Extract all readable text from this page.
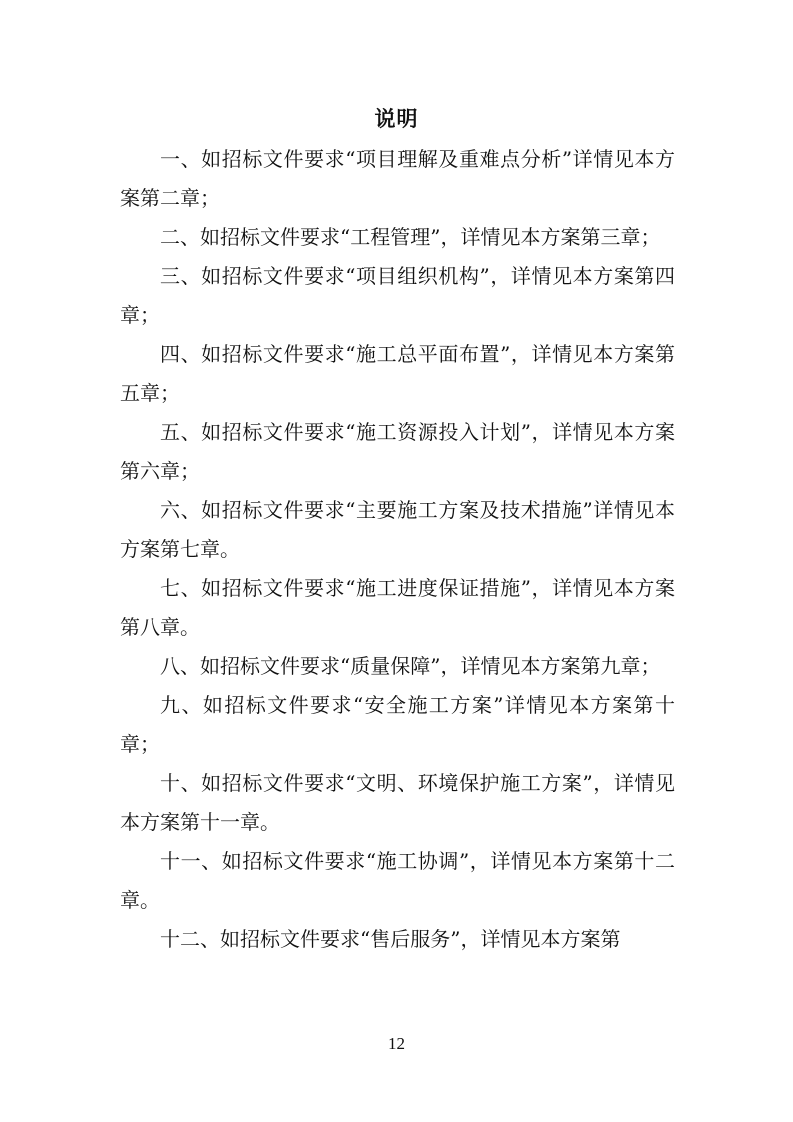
说明

一、如招标文件要求“项目理解及重难点分析”详情见本方案第二章；

二、如招标文件要求“工程管理”，详情见本方案第三章；

三、如招标文件要求“项目组织机构”，详情见本方案第四章；

四、如招标文件要求“施工总平面布置”，详情见本方案第五章；

五、如招标文件要求“施工资源投入计划”，详情见本方案第六章；

六、如招标文件要求“主要施工方案及技术措施”详情见本方案第七章。

七、如招标文件要求“施工进度保证措施”，详情见本方案第八章。

八、如招标文件要求“质量保障”，详情见本方案第九章；

九、如招标文件要求“安全施工方案”详情见本方案第十章；

十、如招标文件要求“文明、环境保护施工方案”，详情见本方案第十一章。

十一、如招标文件要求“施工协调”，详情见本方案第十二章。

十二、如招标文件要求“售后服务”，详情见本方案第

12
